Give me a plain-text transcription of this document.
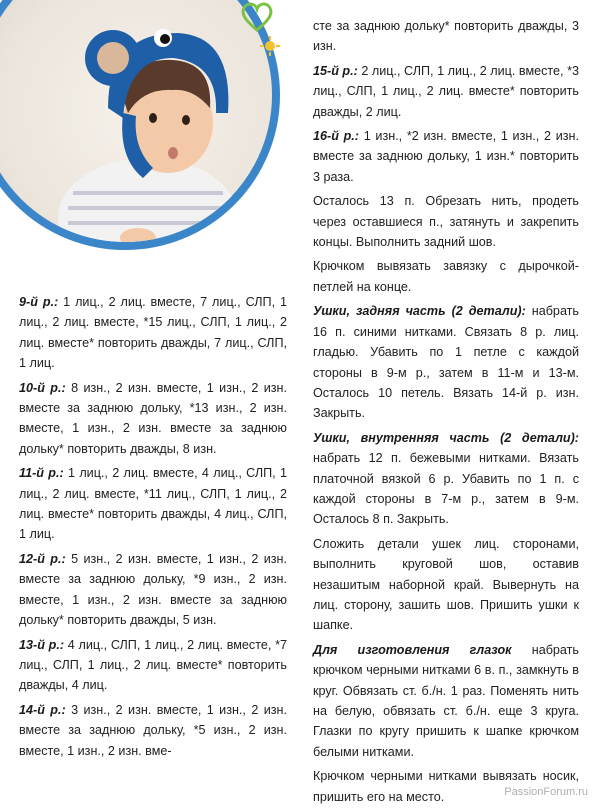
9-й р.: 1 лиц., 2 лиц. вместе, 7 лиц., СЛП, 1 лиц., 2 лиц. вместе, *15 лиц., СЛП, 1 лиц., 2 лиц. вместе* повторить дважды, 7 лиц., СЛП, 1 лиц.

10-й р.: 8 изн., 2 изн. вместе, 1 изн., 2 изн. вместе за заднюю дольку, *13 изн., 2 изн. вместе, 1 изн., 2 изн. вместе за заднюю дольку* повторить дважды, 8 изн.

11-й р.: 1 лиц., 2 лиц. вместе, 4 лиц., СЛП, 1 лиц., 2 лиц. вместе, *11 лиц., СЛП, 1 лиц., 2 лиц. вместе* повторить дважды, 4 лиц., СЛП, 1 лиц.

12-й р.: 5 изн., 2 изн. вместе, 1 изн., 2 изн. вместе за заднюю дольку, *9 изн., 2 изн. вместе, 1 изн., 2 изн. вместе за заднюю дольку* повторить дважды, 5 изн.

13-й р.: 4 лиц., СЛП, 1 лиц., 2 лиц. вместе, *7 лиц., СЛП, 1 лиц., 2 лиц. вместе* повторить дважды, 4 лиц.

14-й р.: 3 изн., 2 изн. вместе, 1 изн., 2 изн. вместе за заднюю дольку, *5 изн., 2 изн. вместе, 1 изн., 2 изн. вме-

сте за заднюю дольку* повторить дважды, 3 изн.

15-й р.: 2 лиц., СЛП, 1 лиц., 2 лиц. вместе, *3 лиц., СЛП, 1 лиц., 2 лиц. вместе* повторить дважды, 2 лиц.

16-й р.: 1 изн., *2 изн. вместе, 1 изн., 2 изн. вместе за заднюю дольку, 1 изн.* повторить 3 раза.

Осталось 13 п. Обрезать нить, продеть через оставшиеся п., затянуть и закрепить концы. Выполнить задний шов.

Крючком вывязать завязку с дырочкой-петлей на конце.

Ушки, задняя часть (2 детали): набрать 16 п. синими нитками. Связать 8 р. лиц. гладью. Убавить по 1 петле с каждой стороны в 9-м р., затем в 11-м и 13-м. Осталось 10 петель. Вязать 14-й р. изн. Закрыть.

Ушки, внутренняя часть (2 детали): набрать 12 п. бежевыми нитками. Вязать платочной вязкой 6 р. Убавить по 1 п. с каждой стороны в 7-м р., затем в 9-м. Осталось 8 п. Закрыть.

Сложить детали ушек лиц. сторонами, выполнить круговой шов, оставив незашитым наборной край. Вывернуть на лиц. сторону, зашить шов. Пришить ушки к шапке.

Для изготовления глазок набрать крючком черными нитками 6 в. п., замкнуть в круг. Обвязать ст. б./н. 1 раз. Поменять нить на белую, обвязать ст. б./н. еще 3 круга. Глазки по кругу пришить к шапке крючком белыми нитками.

Крючком черными нитками вывязать носик, пришить его на место.	PassionForum.ru
